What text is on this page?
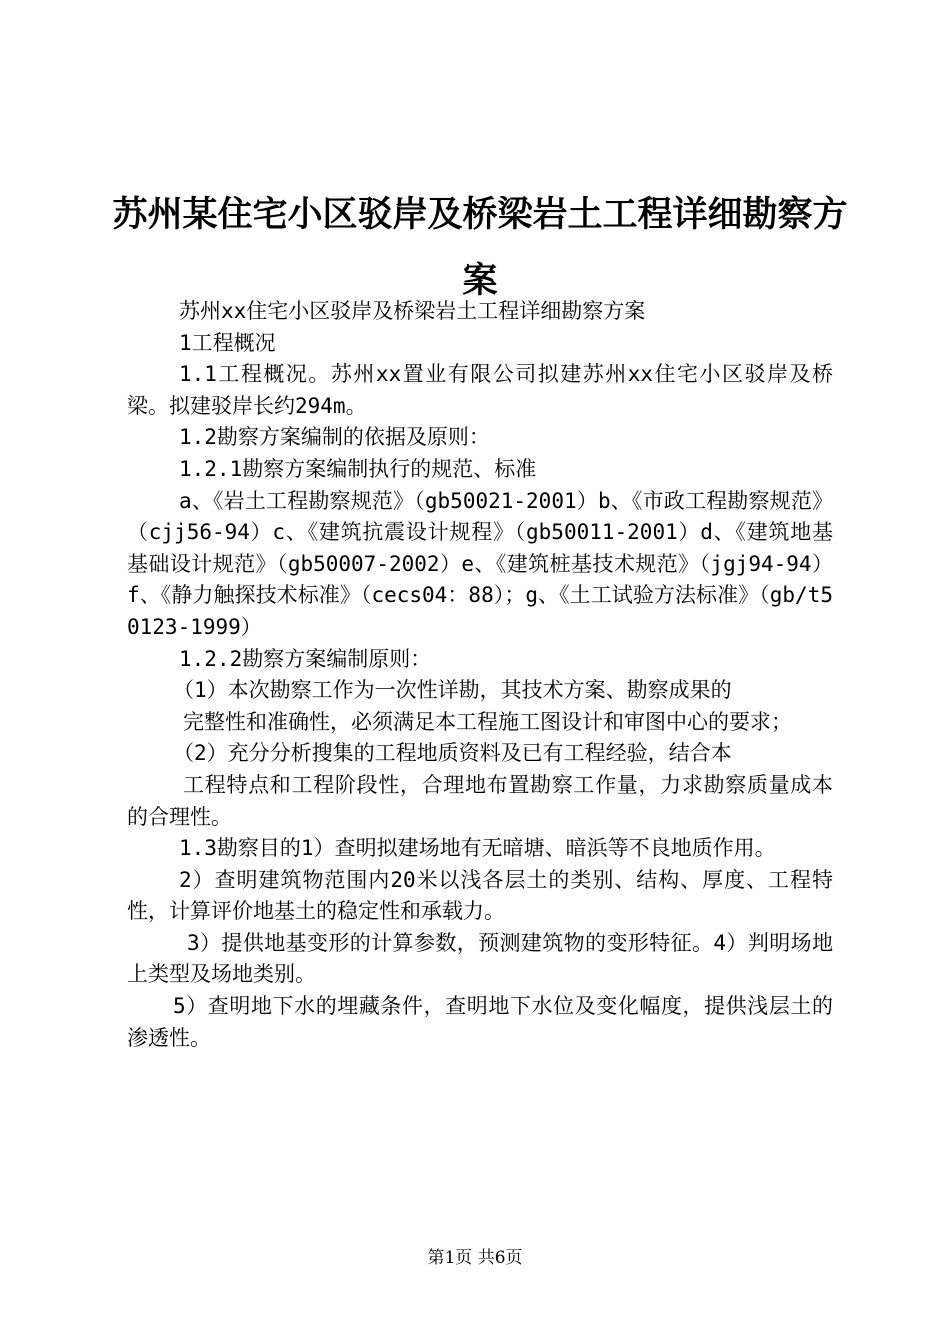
苏州某住宅小区驳岸及桥梁岩土工程详细勘察方案

苏州xx住宅小区驳岸及桥梁岩土工程详细勘察方案

1工程概况

1.1工程概况。苏州xx置业有限公司拟建苏州xx住宅小区驳岸及桥梁。拟建驳岸长约294m。

1.2勘察方案编制的依据及原则：

1.2.1勘察方案编制执行的规范、标准

a、《岩土工程勘察规范》（gb50021-2001）b、《市政工程勘察规范》（cjj56-94）c、《建筑抗震设计规程》（gb50011-2001）d、《建筑地基基础设计规范》（gb50007-2002）e、《建筑桩基技术规范》（jgj94-94）f、《静力触探技术标准》（cecs04：88）；g、《土工试验方法标准》（gb/t50123-1999）

1.2.2勘察方案编制原则：

（1）本次勘察工作为一次性详勘，其技术方案、勘察成果的

完整性和准确性，必须满足本工程施工图设计和审图中心的要求；

（2）充分分析搜集的工程地质资料及已有工程经验，结合本

工程特点和工程阶段性，合理地布置勘察工作量，力求勘察质量成本的合理性。

1.3勘察目的1）查明拟建场地有无暗塘、暗浜等不良地质作用。

2）查明建筑物范围内20米以浅各层土的类别、结构、厚度、工程特性，计算评价地基土的稳定性和承载力。

3）提供地基变形的计算参数，预测建筑物的变形特征。4）判明场地上类型及场地类别。

5）查明地下水的埋藏条件，查明地下水位及变化幅度，提供浅层土的渗透性。

第1页 共6页
